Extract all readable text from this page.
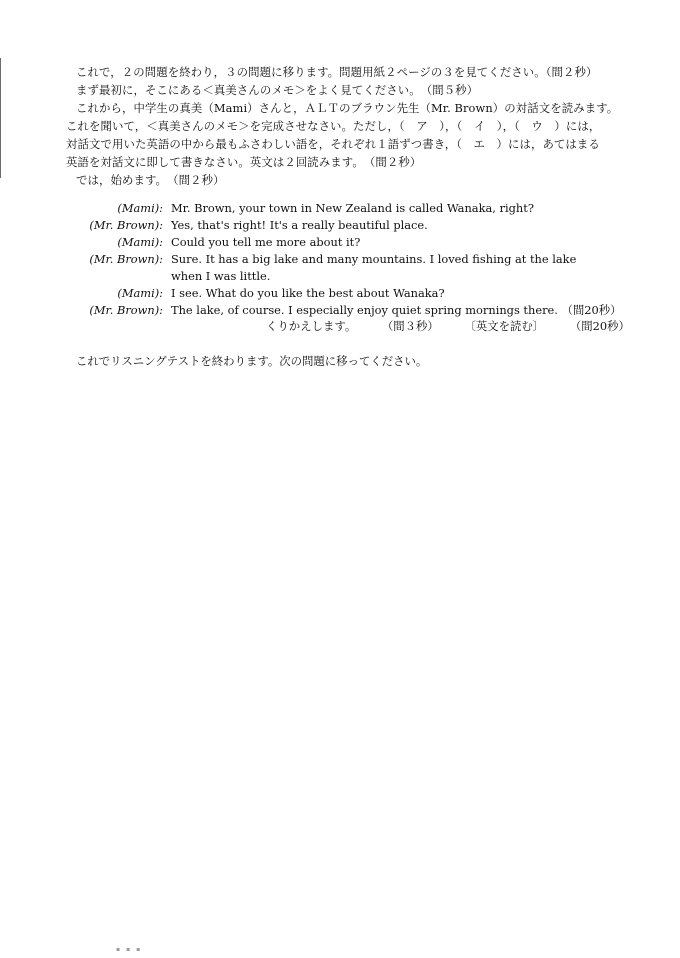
これで，２の問題を終わり，３の問題に移ります。問題用紙２ページの３を見てください。（間２秒）

まず最初に，そこにある＜真美さんのメモ＞をよく見てください。　（間５秒）

これから，中学生の真美（Mami）さんと，ＡＬＴのブラウン先生（Mr. Brown）の対話文を読みます。

これを聞いて，＜真美さんのメモ＞を完成させなさい。ただし，（　ア　），（　イ　），（　ウ　）には，

対話文で用いた英語の中から最もふさわしい語を，それぞれ１語ずつ書き，（　エ　）には，あてはまる

英語を対話文に即して書きなさい。英文は２回読みます。　（間２秒）

では，始めます。　（間２秒）

(Mami): Mr. Brown, your town in New Zealand is called Wanaka, right?

(Mr. Brown): Yes, that's right! It's a really beautiful place.

(Mami): Could you tell me more about it?

(Mr. Brown): Sure. It has a big lake and many mountains. I loved fishing at the lake

when I was little.

(Mami): I see. What do you like the best about Wanaka?

(Mr. Brown): The lake, of course. I especially enjoy quiet spring mornings there. （間20秒）

くりかえします。 （間３秒） 〔英文を読む〕 （間20秒）
これでリスニングテストを終わります。次の問題に移ってください。
▪▪▪
